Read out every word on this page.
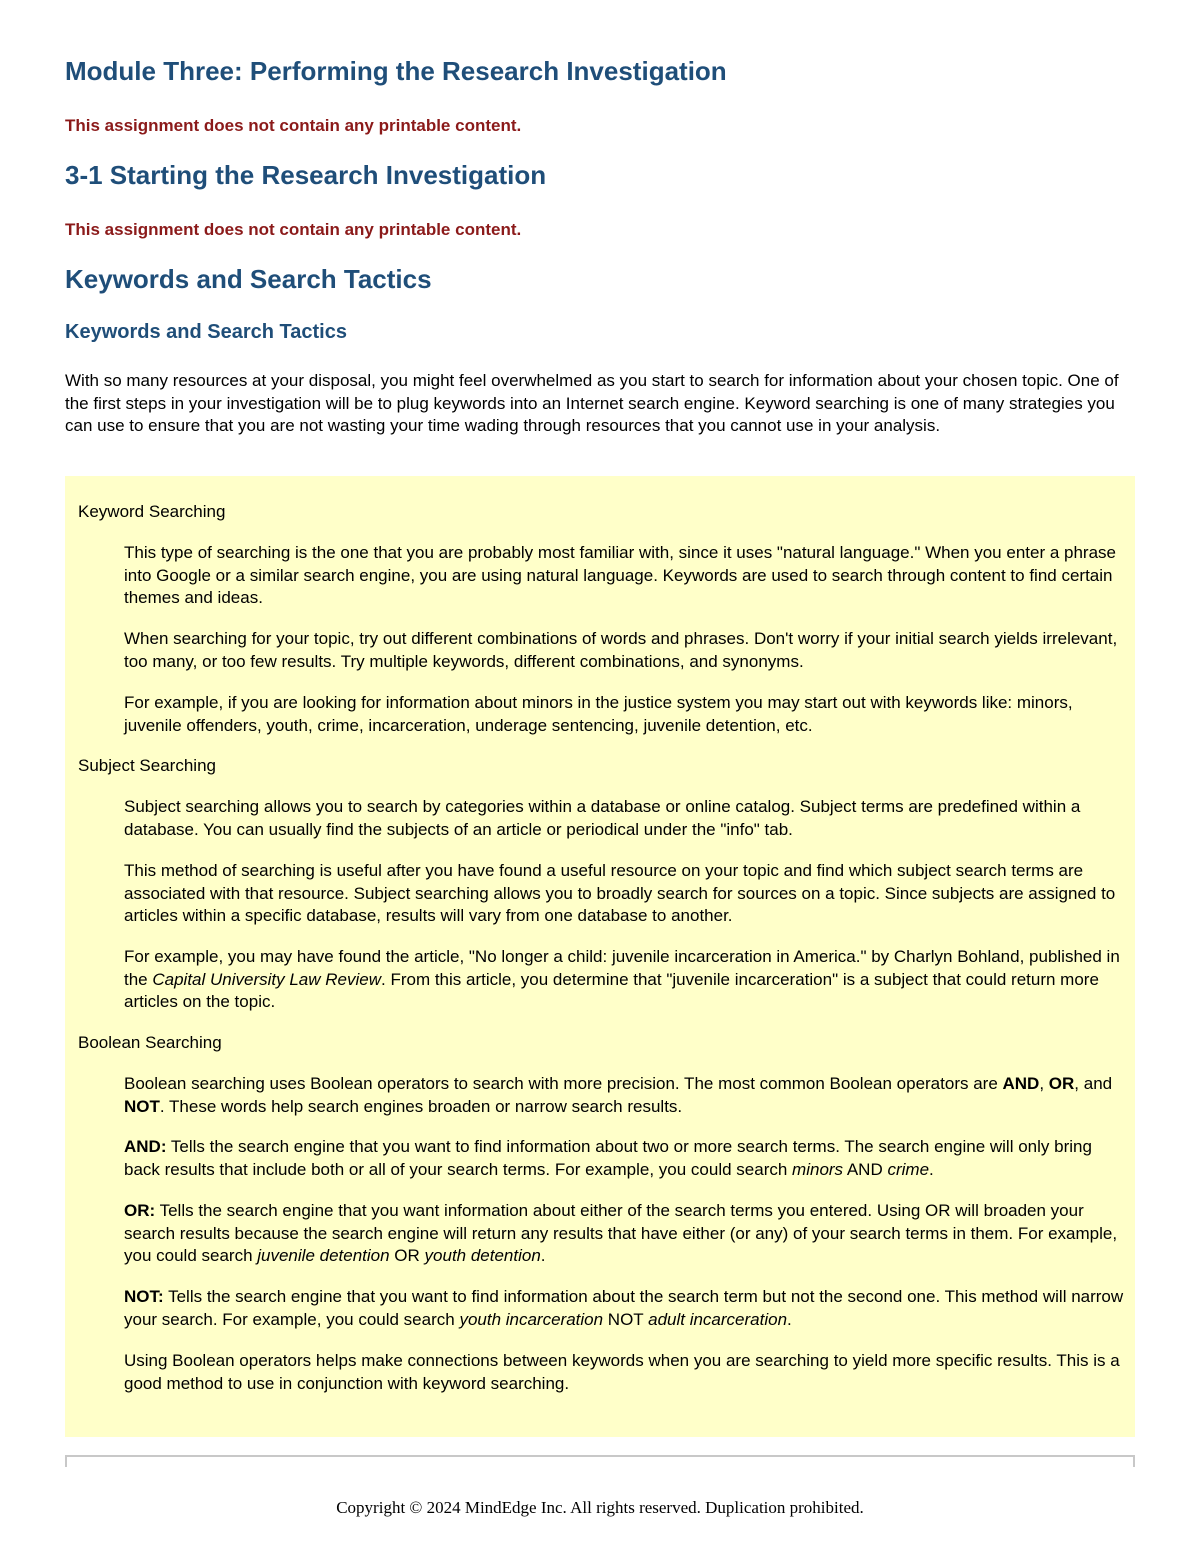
Module Three: Performing the Research Investigation

This assignment does not contain any printable content.

3-1 Starting the Research Investigation

This assignment does not contain any printable content.

Keywords and Search Tactics
Keywords and Search Tactics

With so many resources at your disposal, you might feel overwhelmed as you start to search for information about your chosen topic. One of the first steps in your investigation will be to plug keywords into an Internet search engine. Keyword searching is one of many strategies you can use to ensure that you are not wasting your time wading through resources that you cannot use in your analysis.

Keyword Searching

This type of searching is the one that you are probably most familiar with, since it uses "natural language." When you enter a phrase into Google or a similar search engine, you are using natural language. Keywords are used to search through content to find certain themes and ideas.

When searching for your topic, try out different combinations of words and phrases. Don't worry if your initial search yields irrelevant, too many, or too few results. Try multiple keywords, different combinations, and synonyms.

For example, if you are looking for information about minors in the justice system you may start out with keywords like: minors, juvenile offenders, youth, crime, incarceration, underage sentencing, juvenile detention, etc.

Subject Searching

Subject searching allows you to search by categories within a database or online catalog. Subject terms are predefined within a database. You can usually find the subjects of an article or periodical under the "info" tab.

This method of searching is useful after you have found a useful resource on your topic and find which subject search terms are associated with that resource. Subject searching allows you to broadly search for sources on a topic. Since subjects are assigned to articles within a specific database, results will vary from one database to another.

For example, you may have found the article, "No longer a child: juvenile incarceration in America." by Charlyn Bohland, published in the Capital University Law Review. From this article, you determine that "juvenile incarceration" is a subject that could return more articles on the topic.

Boolean Searching

Boolean searching uses Boolean operators to search with more precision. The most common Boolean operators are AND, OR, and NOT. These words help search engines broaden or narrow search results.

AND: Tells the search engine that you want to find information about two or more search terms. The search engine will only bring back results that include both or all of your search terms. For example, you could search minors AND crime.

OR: Tells the search engine that you want information about either of the search terms you entered. Using OR will broaden your search results because the search engine will return any results that have either (or any) of your search terms in them. For example, you could search juvenile detention OR youth detention.

NOT: Tells the search engine that you want to find information about the search term but not the second one. This method will narrow your search. For example, you could search youth incarceration NOT adult incarceration.

Using Boolean operators helps make connections between keywords when you are searching to yield more specific results. This is a good method to use in conjunction with keyword searching.

Copyright © 2024 MindEdge Inc. All rights reserved. Duplication prohibited.
